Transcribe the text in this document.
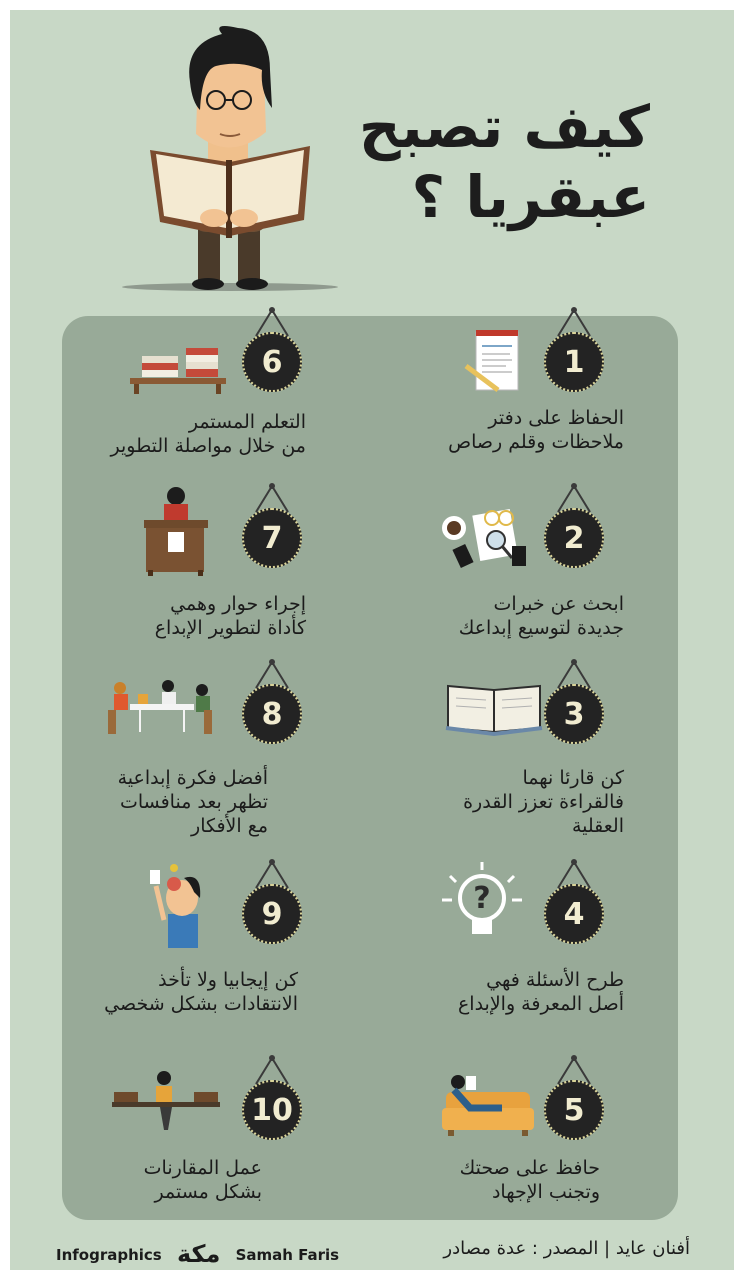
كيف تصبح
عبقريا ؟
1
الحفاظ على دفتر
ملاحظات وقلم رصاص
2
ابحث عن خبرات
جديدة لتوسيع إبداعك
3
كن قارئا نهما
فالقراءة تعزز القدرة
العقلية
4
?
طرح الأسئلة فهي
أصل المعرفة والإبداع
5
حافظ على صحتك
وتجنب الإجهاد
6
التعلم المستمر
من خلال مواصلة التطوير
7
إجراء حوار وهمي
كأداة لتطوير الإبداع
8
أفضل فكرة إبداعية
تظهر بعد منافسات
مع الأفكار
9
كن إيجابيا ولا تأخذ
الانتقادات بشكل شخصي
10
عمل المقارنات
بشكل مستمر
Infographics مكة Samah Faris	أفنان عايد | المصدر : عدة مصادر
